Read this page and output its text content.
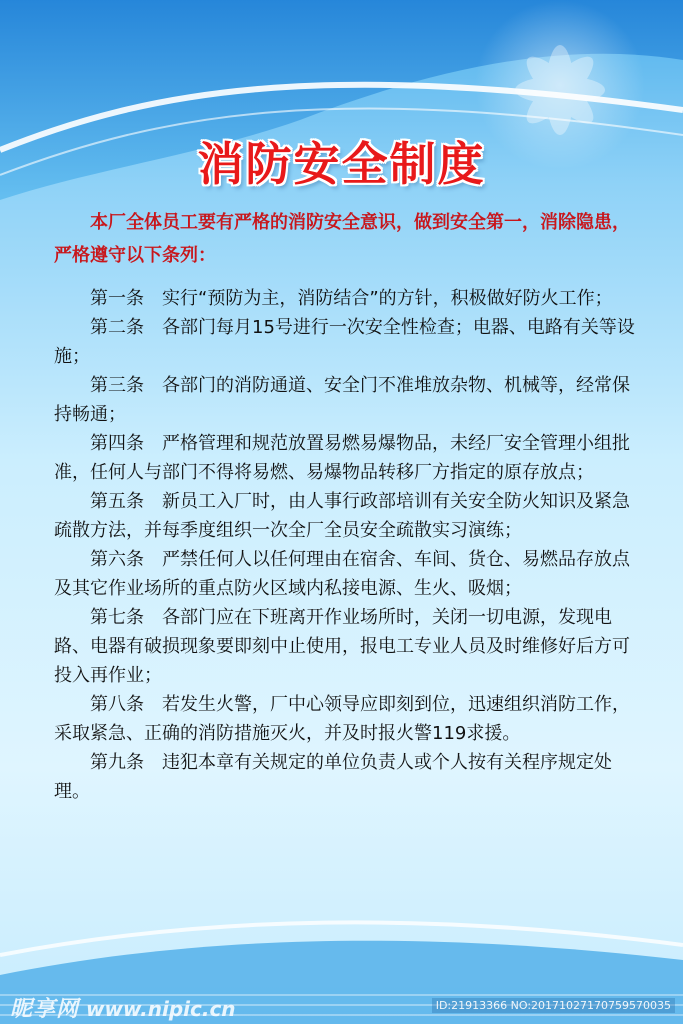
消防安全制度

本厂全体员工要有严格的消防安全意识，做到安全第一，消除隐患，严格遵守以下条列：

第一条 实行“预防为主，消防结合”的方针，积极做好防火工作；
第二条 各部门每月15号进行一次安全性检查；电器、电路有关等设施；
第三条 各部门的消防通道、安全门不准堆放杂物、机械等，经常保持畅通；
第四条 严格管理和规范放置易燃易爆物品，未经厂安全管理小组批准，任何人与部门不得将易燃、易爆物品转移厂方指定的原存放点；
第五条 新员工入厂时，由人事行政部培训有关安全防火知识及紧急疏散方法，并每季度组织一次全厂全员安全疏散实习演练；
第六条 严禁任何人以任何理由在宿舍、车间、货仓、易燃品存放点及其它作业场所的重点防火区域内私接电源、生火、吸烟；
第七条 各部门应在下班离开作业场所时，关闭一切电源，发现电路、电器有破损现象要即刻中止使用，报电工专业人员及时维修好后方可投入再作业；
第八条 若发生火警，厂中心领导应即刻到位，迅速组织消防工作，采取紧急、正确的消防措施灭火，并及时报火警119求援。
第九条 违犯本章有关规定的单位负责人或个人按有关程序规定处理。
昵享网 www.nipic.cn	ID:21913366 NO:20171027170759570035
